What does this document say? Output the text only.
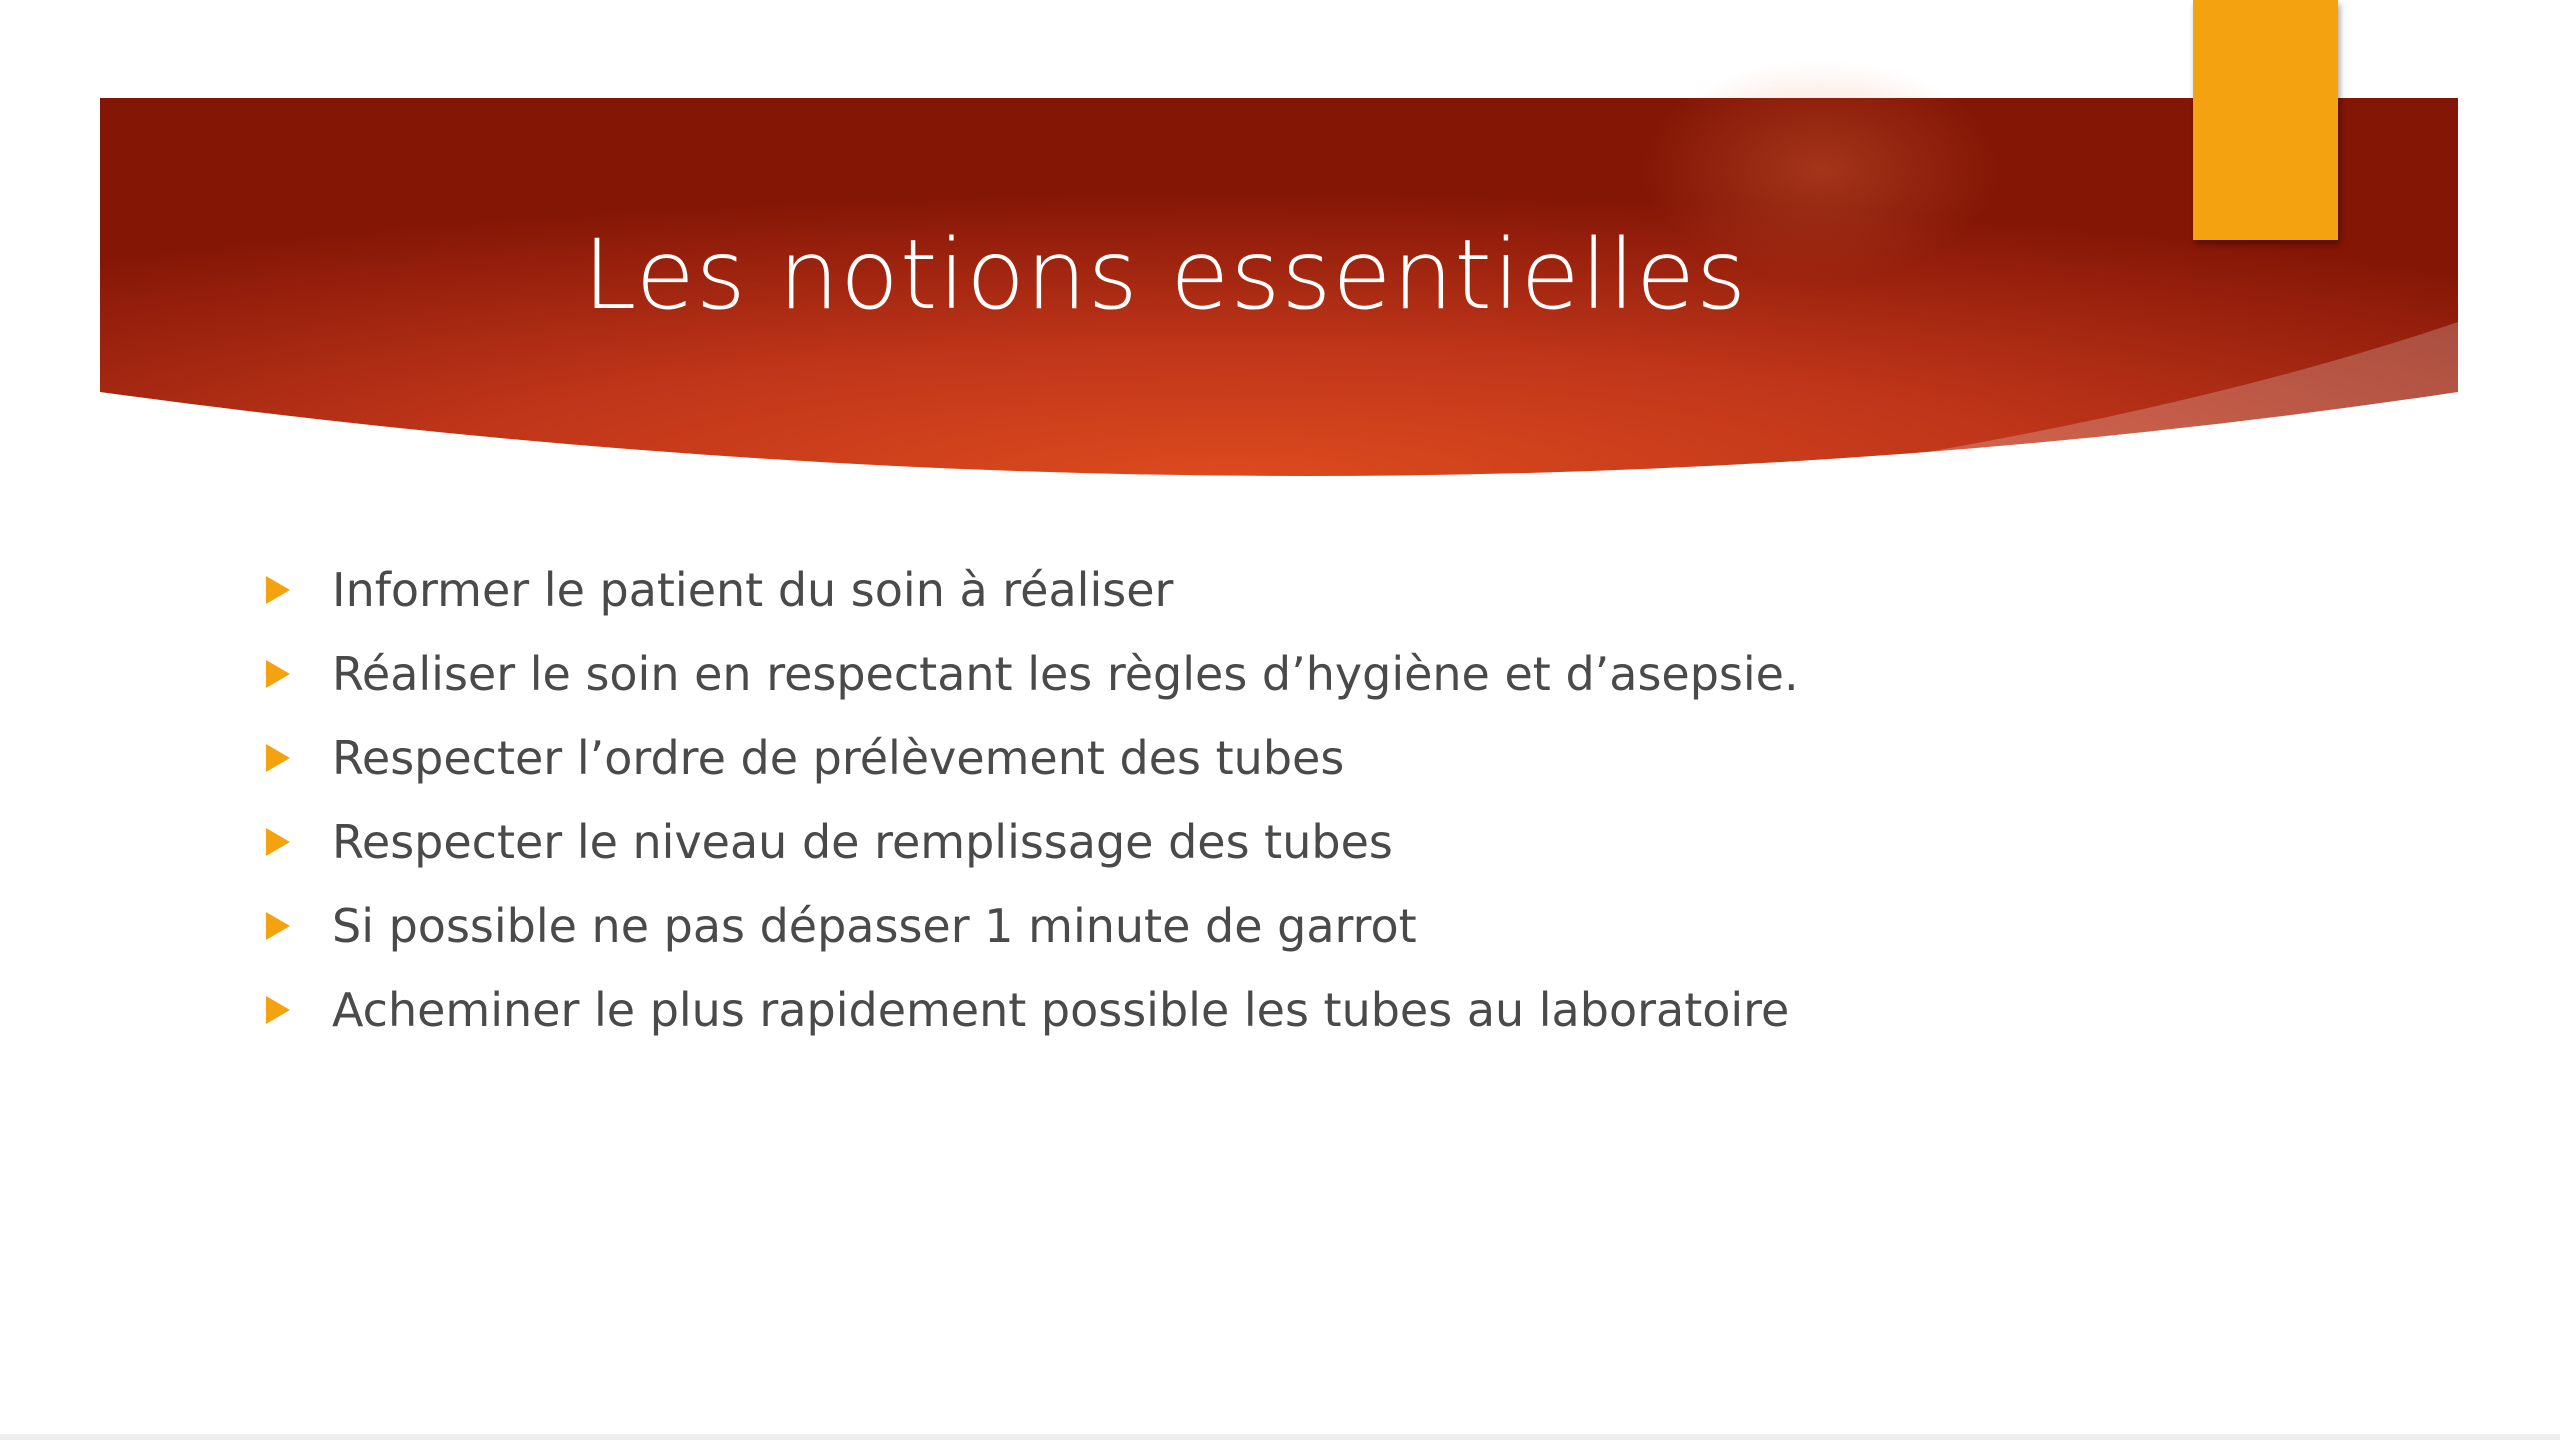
Les notions essentielles
Informer le patient du soin à réaliser
Réaliser le soin en respectant les règles d’hygiène et d’asepsie.
Respecter l’ordre de prélèvement des tubes
Respecter le niveau de remplissage des tubes
Si possible ne pas dépasser 1 minute de garrot
Acheminer le plus rapidement possible les tubes au laboratoire
